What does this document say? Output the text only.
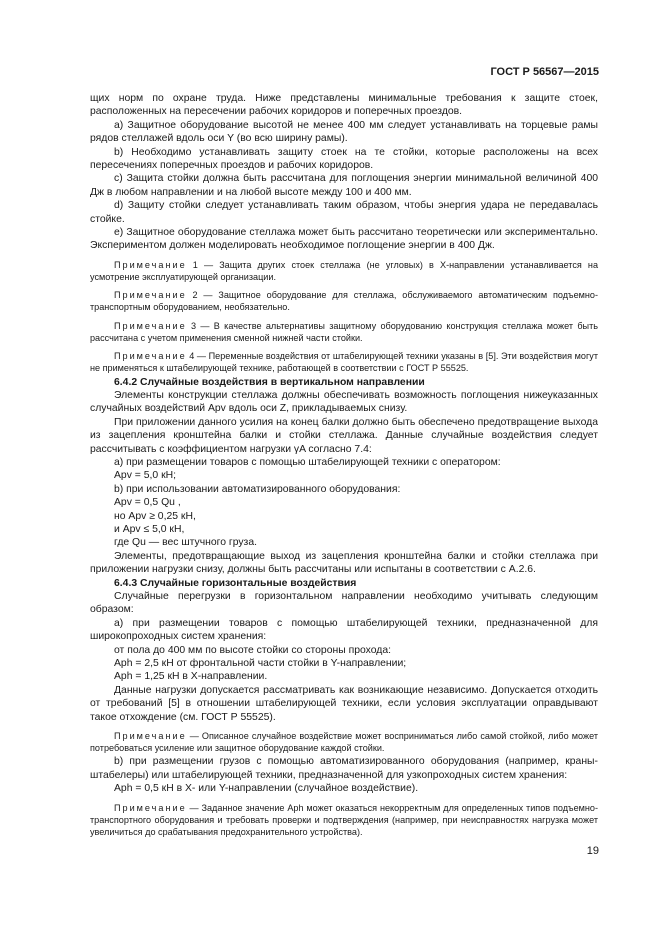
ГОСТ Р 56567—2015

щих норм по охране труда. Ниже представлены минимальные требования к защите стоек, расположенных на пересечении рабочих коридоров и поперечных проездов.

а) Защитное оборудование высотой не менее 400 мм следует устанавливать на торцевые рамы рядов стеллажей вдоль оси Y (во всю ширину рамы).

b) Необходимо устанавливать защиту стоек на те стойки, которые расположены на всех пересечениях поперечных проездов и рабочих коридоров.

c) Защита стойки должна быть рассчитана для поглощения энергии минимальной величиной 400 Дж в любом направлении и на любой высоте между 100 и 400 мм.

d) Защиту стойки следует устанавливать таким образом, чтобы энергия удара не передавалась стойке.

e) Защитное оборудование стеллажа может быть рассчитано теоретически или экспериментально. Экспериментом должен моделировать необходимое поглощение энергии в 400 Дж.

Примечание 1 — Защита других стоек стеллажа (не угловых) в X-направлении устанавливается на усмотрение эксплуатирующей организации.

Примечание 2 — Защитное оборудование для стеллажа, обслуживаемого автоматическим подъемно-транспортным оборудованием, необязательно.

Примечание 3 — В качестве альтернативы защитному оборудованию конструкция стеллажа может быть рассчитана с учетом применения сменной нижней части стойки.

Примечание 4 — Переменные воздействия от штабелирующей техники указаны в [5]. Эти воздействия могут не применяться к штабелирующей технике, работающей в соответствии с ГОСТ Р 55525.

6.4.2 Случайные воздействия в вертикальном направлении

Элементы конструкции стеллажа должны обеспечивать возможность поглощения нижеуказанных случайных воздействий Apv вдоль оси Z, прикладываемых снизу.

При приложении данного усилия на конец балки должно быть обеспечено предотвращение выхода из зацепления кронштейна балки и стойки стеллажа. Данные случайные воздействия следует рассчитывать с коэффициентом нагрузки γA согласно 7.4:

а) при размещении товаров с помощью штабелирующей техники с оператором:

Apv = 5,0 кН;

b) при использовании автоматизированного оборудования:

Apv = 0,5 Qu ,

но Apv ≥ 0,25 кН,

и Apv ≤ 5,0 кН,

где Qu — вес штучного груза.

Элементы, предотвращающие выход из зацепления кронштейна балки и стойки стеллажа при приложении нагрузки снизу, должны быть рассчитаны или испытаны в соответствии с А.2.6.

6.4.3 Случайные горизонтальные воздействия

Случайные перегрузки в горизонтальном направлении необходимо учитывать следующим образом:

а) при размещении товаров с помощью штабелирующей техники, предназначенной для широкопроходных систем хранения:

от пола до 400 мм по высоте стойки со стороны прохода:

Aph = 2,5 кН от фронтальной части стойки в Y-направлении;

Aph = 1,25 кН в X-направлении.

Данные нагрузки допускается рассматривать как возникающие независимо. Допускается отходить от требований [5] в отношении штабелирующей техники, если условия эксплуатации оправдывают такое отхождение (см. ГОСТ Р 55525).

Примечание — Описанное случайное воздействие может восприниматься либо самой стойкой, либо может потребоваться усиление или защитное оборудование каждой стойки.

b) при размещении грузов с помощью автоматизированного оборудования (например, краны-штабелеры) или штабелирующей техники, предназначенной для узкопроходных систем хранения:

Aph = 0,5 кН в X- или Y-направлении (случайное воздействие).

Примечание — Заданное значение Aph может оказаться некорректным для определенных типов подъемно-транспортного оборудования и требовать проверки и подтверждения (например, при неисправностях нагрузка может увеличиться до срабатывания предохранительного устройства).

19
